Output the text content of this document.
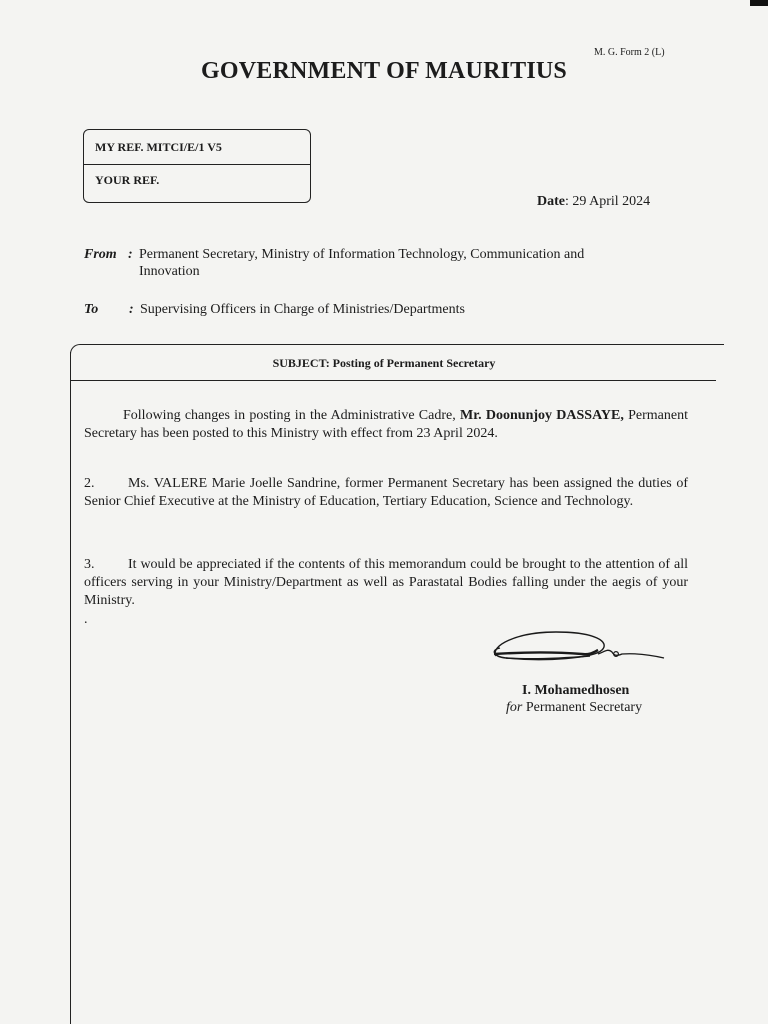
M. G. Form 2 (L)
GOVERNMENT OF MAURITIUS
MY REF. MITCI/E/1 V5
YOUR REF.
Date: 29 April 2024
From : Permanent Secretary, Ministry of Information Technology, Communication and
Innovation
To : Supervising Officers in Charge of Ministries/Departments
SUBJECT: Posting of Permanent Secretary

Following changes in posting in the Administrative Cadre, Mr. Doonunjoy DASSAYE, Permanent Secretary has been posted to this Ministry with effect from 23 April 2024.

2. Ms. VALERE Marie Joelle Sandrine, former Permanent Secretary has been assigned the duties of Senior Chief Executive at the Ministry of Education, Tertiary Education, Science and Technology.

3. It would be appreciated if the contents of this memorandum could be brought to the attention of all officers serving in your Ministry/Department as well as Parastatal Bodies falling under the aegis of your Ministry.

.
I. Mohamedhosen
for Permanent Secretary
